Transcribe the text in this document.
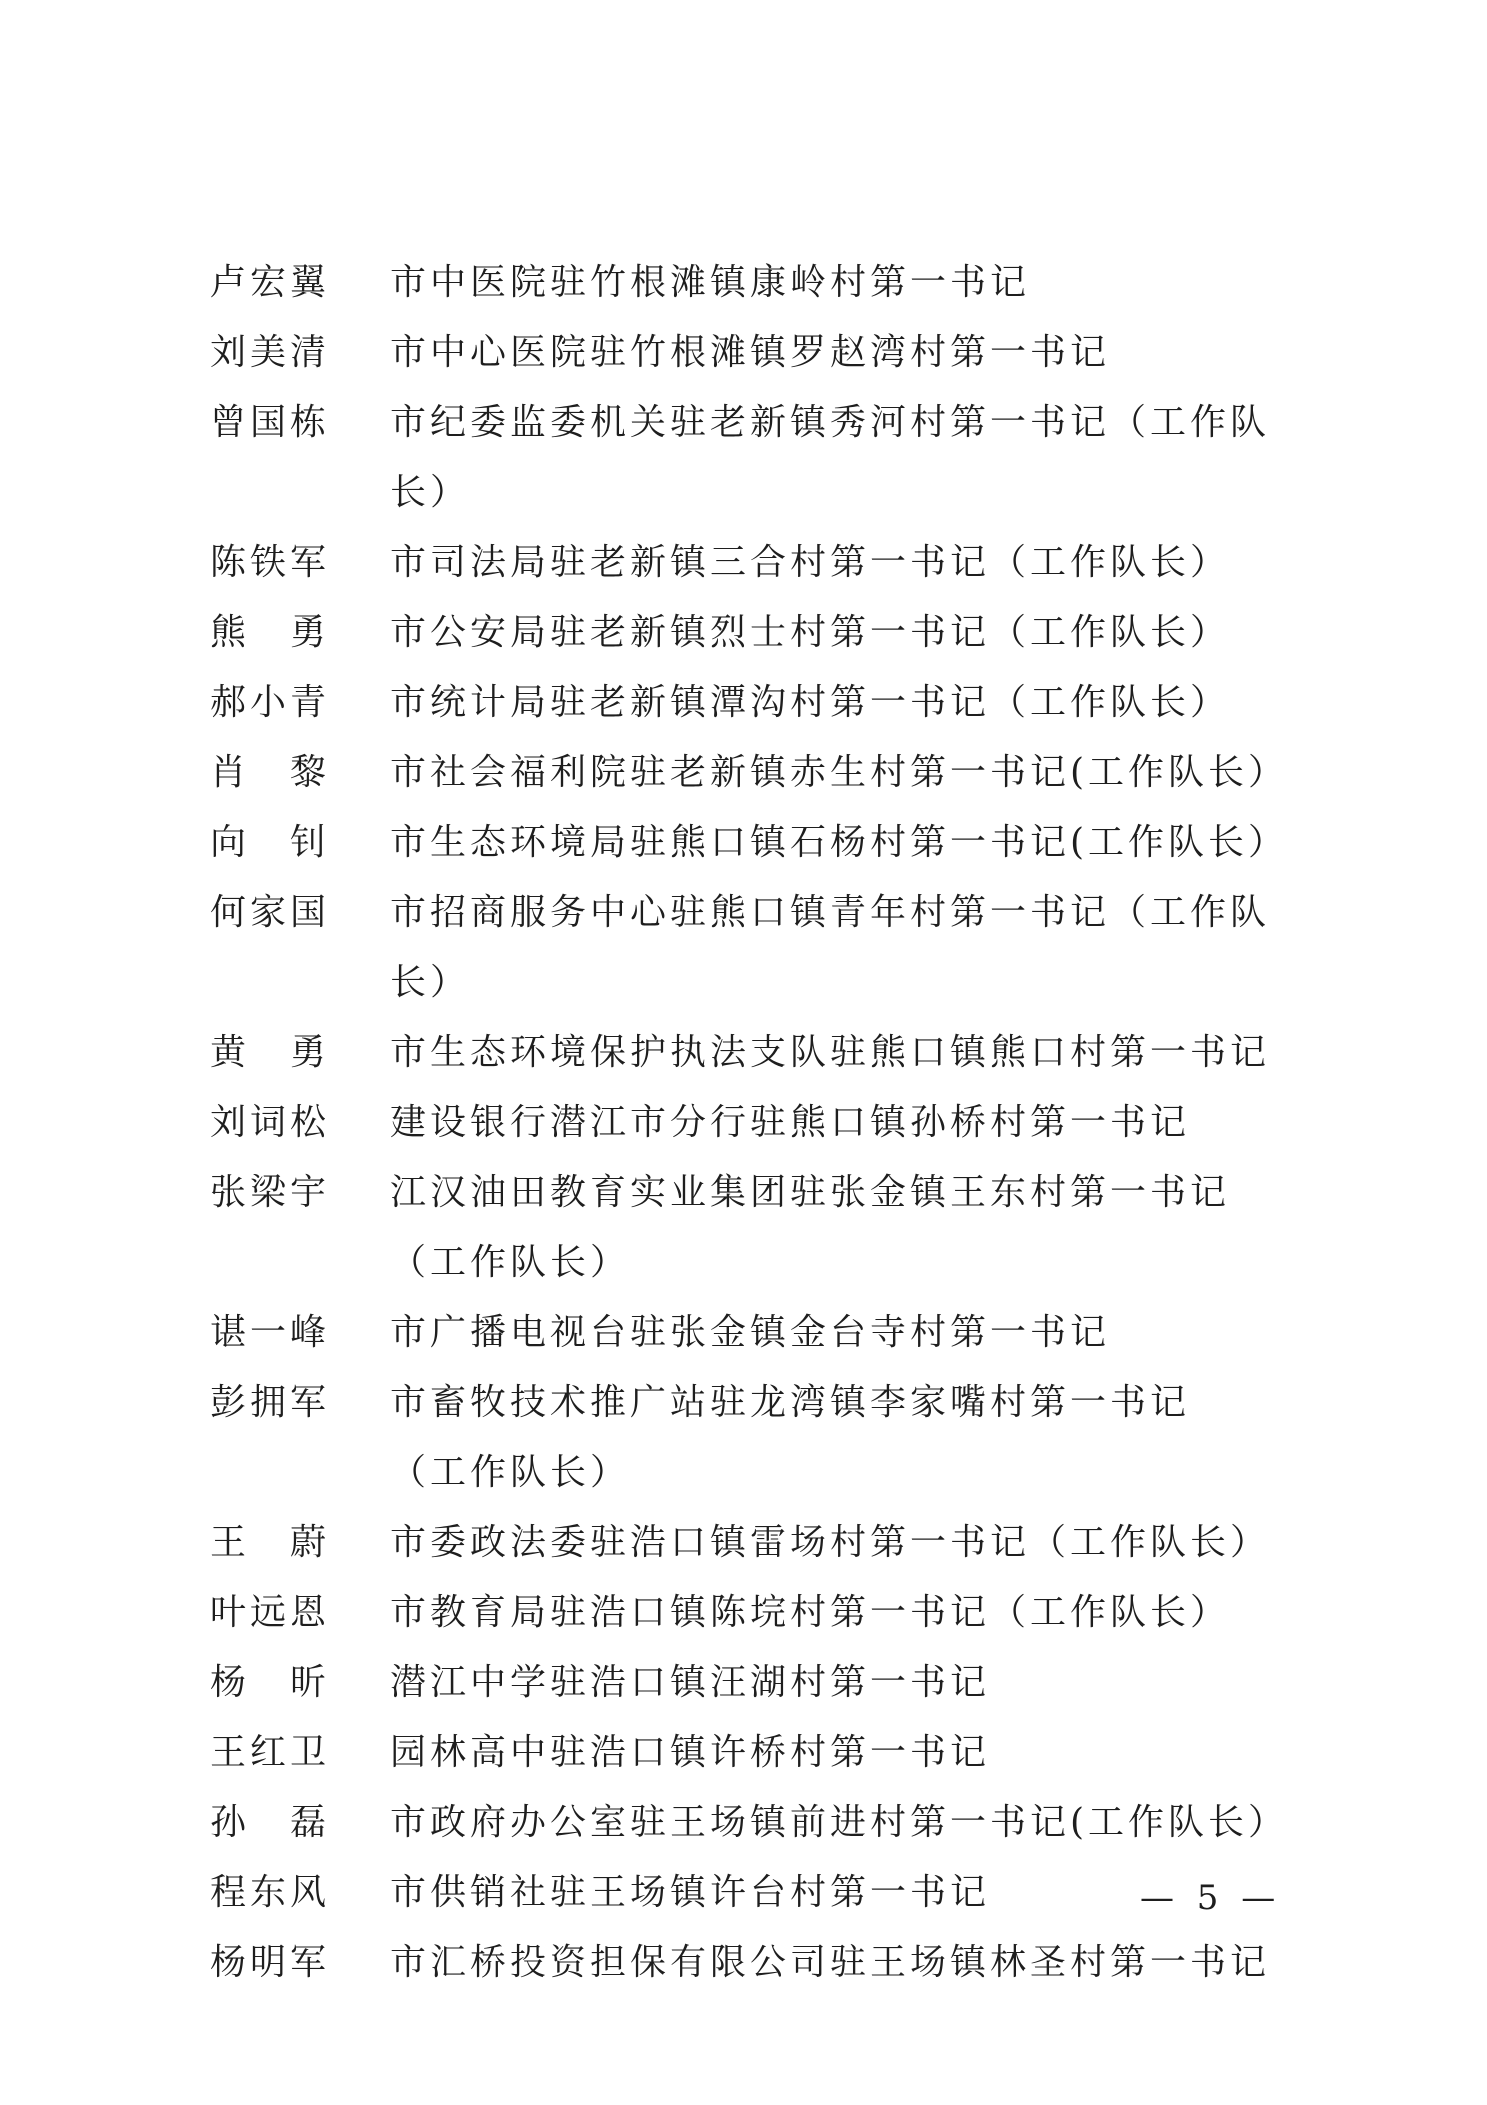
卢 宏 翼 市中医院驻竹根滩镇康岭村第一书记
刘 美 清 市中心医院驻竹根滩镇罗赵湾村第一书记
曾 国 栋 市纪委监委机关驻老新镇秀河村第一书记（工作队长）
陈 铁 军 市司法局驻老新镇三合村第一书记（工作队长）
熊 勇 市公安局驻老新镇烈士村第一书记（工作队长）
郝 小 青 市统计局驻老新镇潭沟村第一书记（工作队长）
肖 黎 市社会福利院驻老新镇赤生村第一书记(工作队长）
向 钊 市生态环境局驻熊口镇石杨村第一书记(工作队长）
何 家 国 市招商服务中心驻熊口镇青年村第一书记（工作队长）
黄 勇 市生态环境保护执法支队驻熊口镇熊口村第一书记
刘 词 松 建设银行潜江市分行驻熊口镇孙桥村第一书记
张 梁 宇 江汉油田教育实业集团驻张金镇王东村第一书记
（工作队长）
谌 一 峰 市广播电视台驻张金镇金台寺村第一书记
彭 拥 军 市畜牧技术推广站驻龙湾镇李家嘴村第一书记
（工作队长）
王 蔚 市委政法委驻浩口镇雷场村第一书记（工作队长）
叶 远 恩 市教育局驻浩口镇陈垸村第一书记（工作队长）
杨 昕 潜江中学驻浩口镇汪湖村第一书记
王 红 卫 园林高中驻浩口镇许桥村第一书记
孙 磊 市政府办公室驻王场镇前进村第一书记(工作队长）
程 东 风 市供销社驻王场镇许台村第一书记
杨 明 军 市汇桥投资担保有限公司驻王场镇林圣村第一书记
— 5 —
